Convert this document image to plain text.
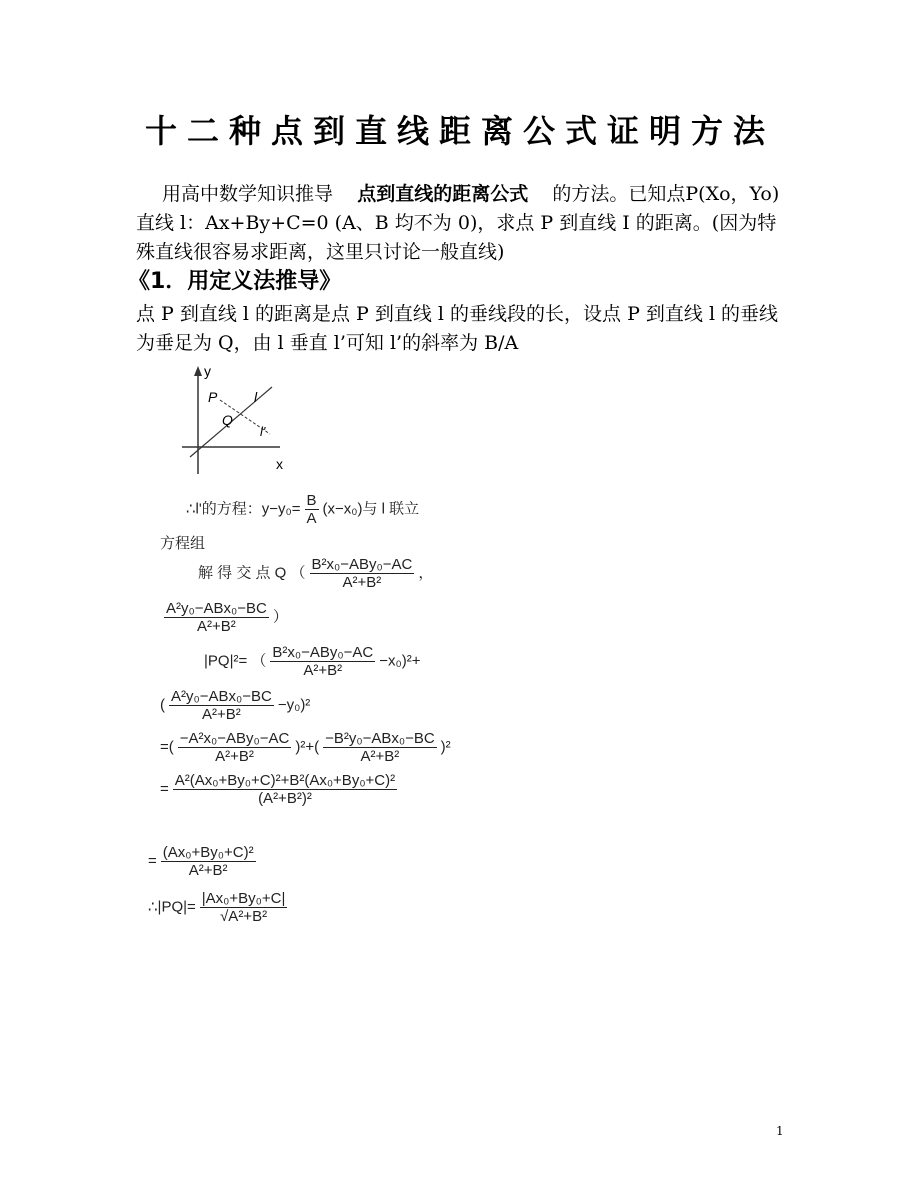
十二种点到直线距离公式证明方法
用高中数学知识推导 点到直线的距离公式 的方法。已知点P(Xo，Yo)直线 l：Ax+By+C=0 (A、B 均不为 0)，求点 P 到直线 I 的距离。(因为特殊直线很容易求距离，这里只讨论一般直线)
《1．用定义法推导》
点 P 到直线 l 的距离是点 P 到直线 l 的垂线段的长，设点 P 到直线 l 的垂线为垂足为 Q，由 l 垂直 l’可知 l’的斜率为 B/A
y
x
P
Q
l
l'
∴l'的方程：$y-y_0= \frac{B}{A} (x-x_0)$与 l 联立
方程组
解 得 交 点 Q （ $\frac{\text{B²x₀−ABy₀−AC}}{\text{A²+B²}}$ ，
$\frac{\text{A²y₀−ABx₀−BC}}{\text{A²+B²}}$ ）
|PQ|²= （ $\frac{\text{B²x₀−ABy₀−AC}}{\text{A²+B²}} -x_0)^2+$
( $\frac{\text{A²y₀−ABx₀−BC}}{\text{A²+B²}} -y_0)^2$
=( $\frac{\text{−A²x₀−ABy₀−AC}}{\text{A²+B²}} )^2+( \frac{\text{−B²y₀−ABx₀−BC}}{\text{A²+B²}} )^2$
= $\frac{\text{A²(Ax₀+By₀+C)²+B²(Ax₀+By₀+C)²}}{\text{(A²+B²)²}}$
= $\frac{\text{(Ax₀+By₀+C)²}}{\text{A²+B²}}$
∴|PQ|= $\frac{\text{|Ax₀+By₀+C|}}{\text{√A²+B²}}$
1
